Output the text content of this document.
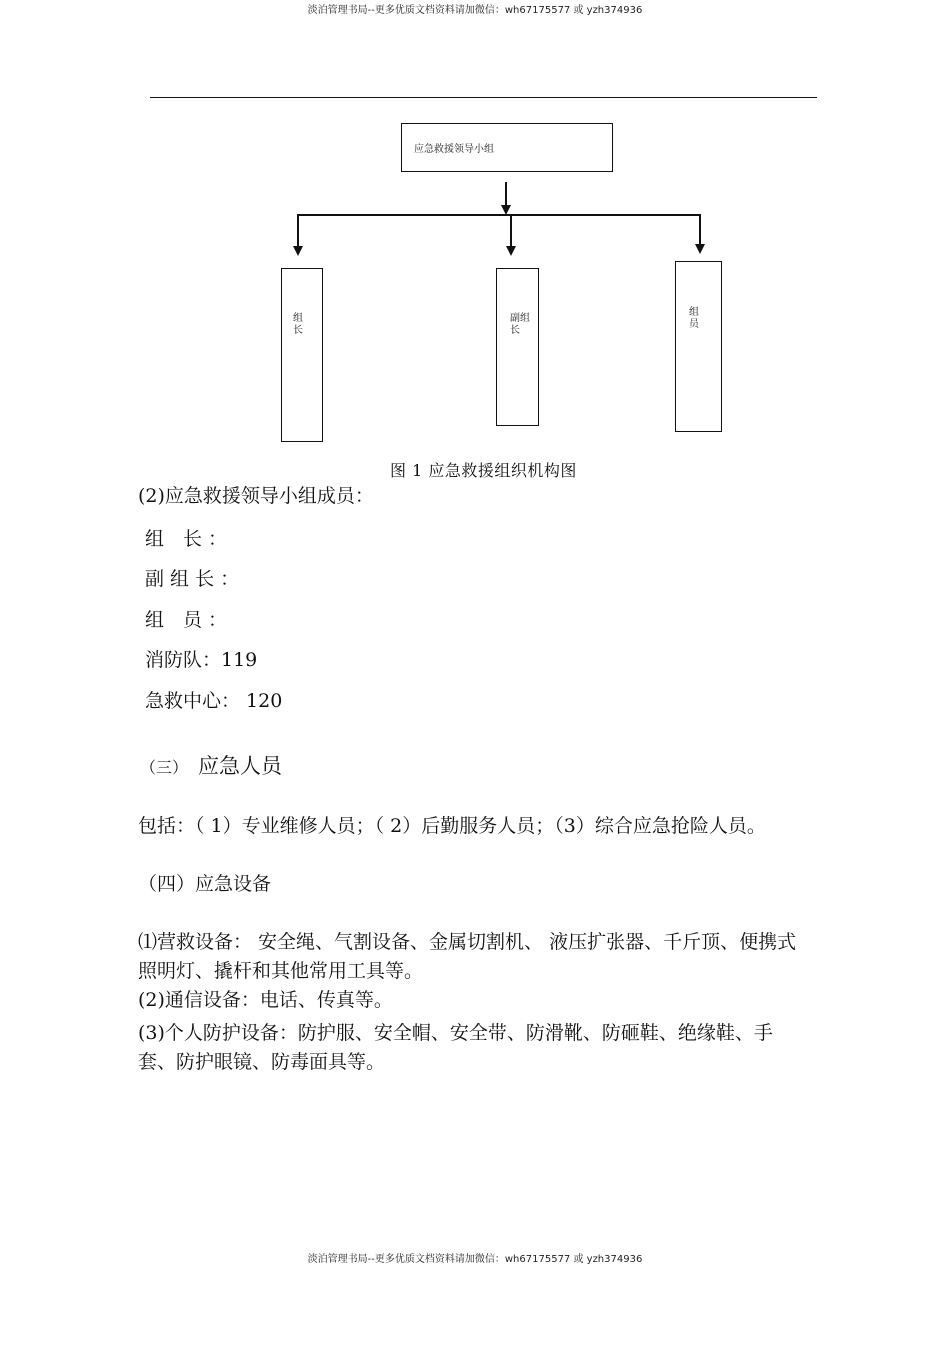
淡泊管理书局--更多优质文档资料请加微信：wh67175577 或 yzh374936
应急救援领导小组
组长
副组长
组员
图 1 应急救援组织机构图
(2)应急救援领导小组成员：
组　长 ：
副 组 长 ：
组　员 ：
消防队：119
急救中心： 120
（三） 应急人员
包括：（ 1）专业维修人员；（ 2）后勤服务人员；（3）综合应急抢险人员。
（四）应急设备
⑴营救设备： 安全绳、气割设备、金属切割机、 液压扩张器、千斤顶、便携式照明灯、撬杆和其他常用工具等。
(2)通信设备：电话、传真等。
(3)个人防护设备：防护服、安全帽、安全带、防滑靴、防砸鞋、绝缘鞋、手套、防护眼镜、防毒面具等。
淡泊管理书局--更多优质文档资料请加微信：wh67175577 或 yzh374936
